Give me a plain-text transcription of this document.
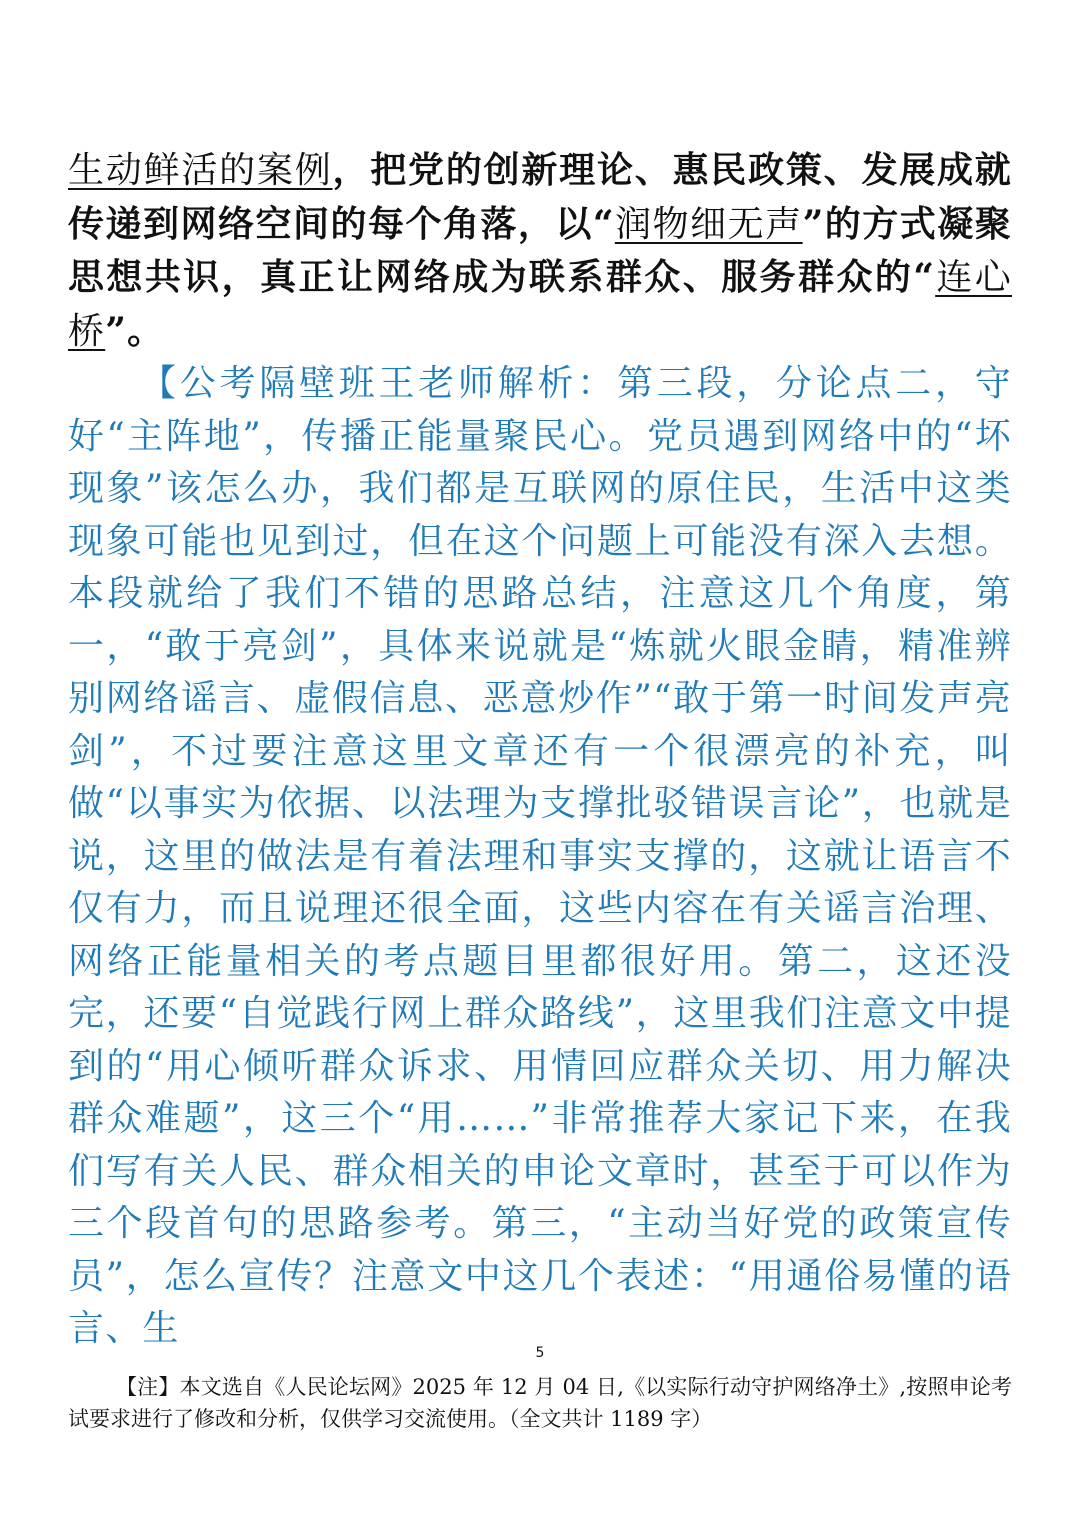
生动鲜活的案例，把党的创新理论、惠民政策、发展成就传递到网络空间的每个角落，以“润物细无声”的方式凝聚思想共识，真正让网络成为联系群众、服务群众的“连心桥”。

【公考隔壁班王老师解析：第三段，分论点二，守好“主阵地”，传播正能量聚民心。党员遇到网络中的“坏现象”该怎么办，我们都是互联网的原住民，生活中这类现象可能也见到过，但在这个问题上可能没有深入去想。本段就给了我们不错的思路总结，注意这几个角度，第一，“敢于亮剑”，具体来说就是“炼就火眼金睛，精准辨别网络谣言、虚假信息、恶意炒作”“敢于第一时间发声亮剑”，不过要注意这里文章还有一个很漂亮的补充，叫做“以事实为依据、以法理为支撑批驳错误言论”，也就是说，这里的做法是有着法理和事实支撑的，这就让语言不仅有力，而且说理还很全面，这些内容在有关谣言治理、网络正能量相关的考点题目里都很好用。第二，这还没完，还要“自觉践行网上群众路线”，这里我们注意文中提到的“用心倾听群众诉求、用情回应群众关切、用力解决群众难题”，这三个“用……”非常推荐大家记下来，在我们写有关人民、群众相关的申论文章时，甚至于可以作为三个段首句的思路参考。第三，“主动当好党的政策宣传员”，怎么宣传？注意文中这几个表述：“用通俗易懂的语言、生

5
【注】本文选自《人民论坛网》2025 年 12 月 04 日,《以实际行动守护网络净土》,按照申论考试要求进行了修改和分析，仅供学习交流使用。（全文共计 1189 字）
